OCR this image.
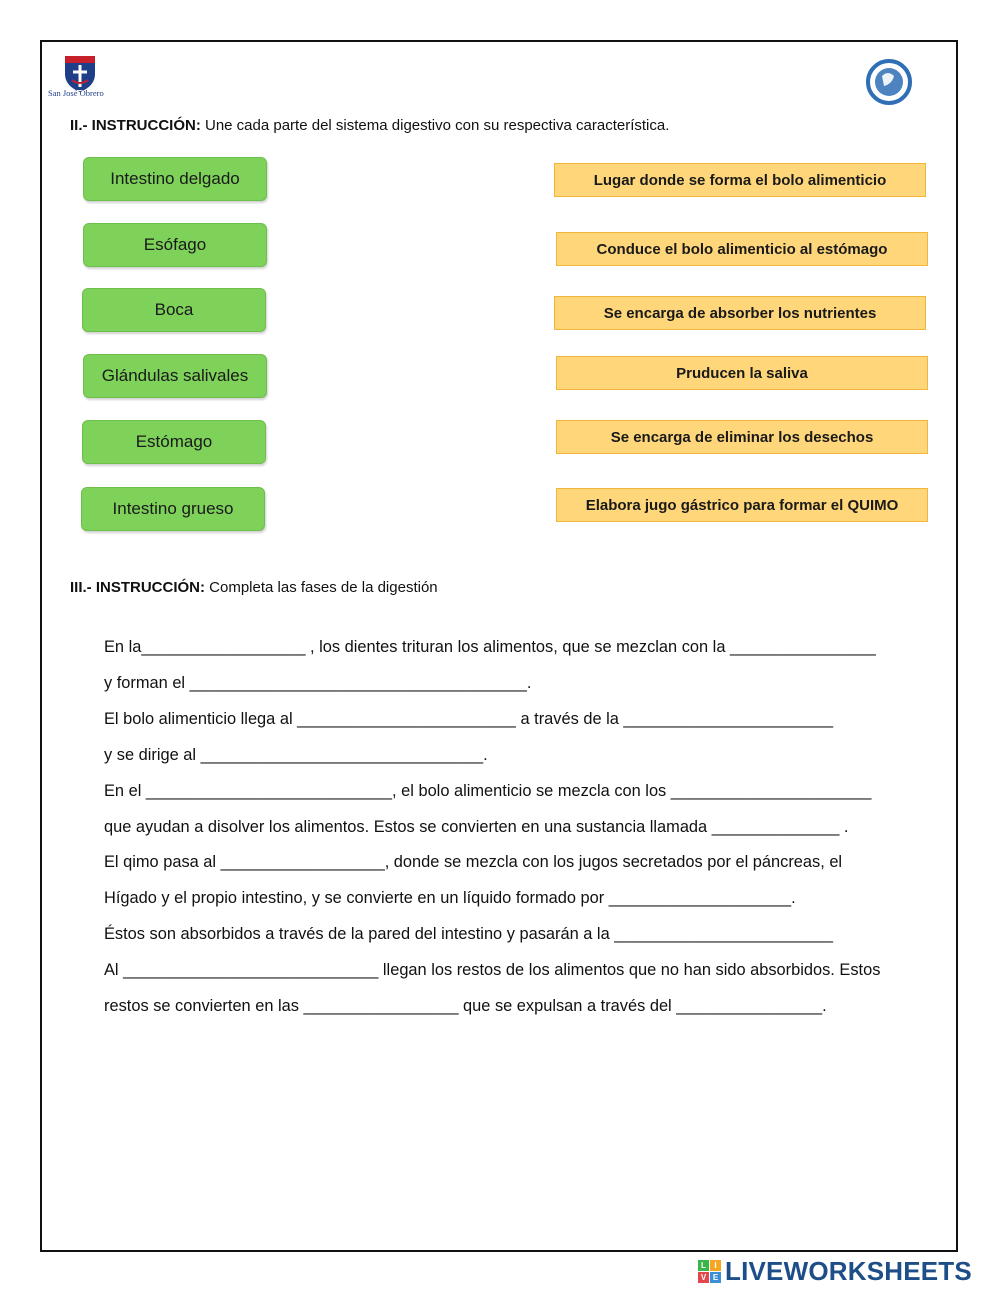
San José Obrero
II.- INSTRUCCIÓN: Une cada parte del sistema digestivo con su respectiva característica.
Intestino delgado
Esófago
Boca
Glándulas salivales
Estómago
Intestino grueso
Lugar donde se forma el bolo alimenticio
Conduce el bolo alimenticio al estómago
Se encarga de absorber los nutrientes
Pruducen la saliva
Se encarga de eliminar los desechos
Elabora jugo gástrico para formar el QUIMO
III.- INSTRUCCIÓN: Completa las fases de la digestión
En la__________________ , los dientes trituran los alimentos, que se mezclan con la ________________
y forman el _____________________________________.
El bolo alimenticio llega al ________________________ a través de la _______________________
y se dirige al _______________________________.
En el ___________________________, el bolo alimenticio se mezcla con los ______________________
que ayudan a disolver los alimentos. Estos se convierten en una sustancia llamada ______________ .
El qimo pasa al __________________, donde se mezcla con los jugos secretados por el páncreas, el
Hígado y el propio intestino, y se convierte en un líquido formado por ____________________.
Éstos son absorbidos a través de la pared del intestino y pasarán a la ________________________
Al ____________________________ llegan los restos de los alimentos que no han sido absorbidos. Estos
restos se convierten en las _________________ que se expulsan a través del ________________.
L	I
V E LIVEWORKSHEETS
